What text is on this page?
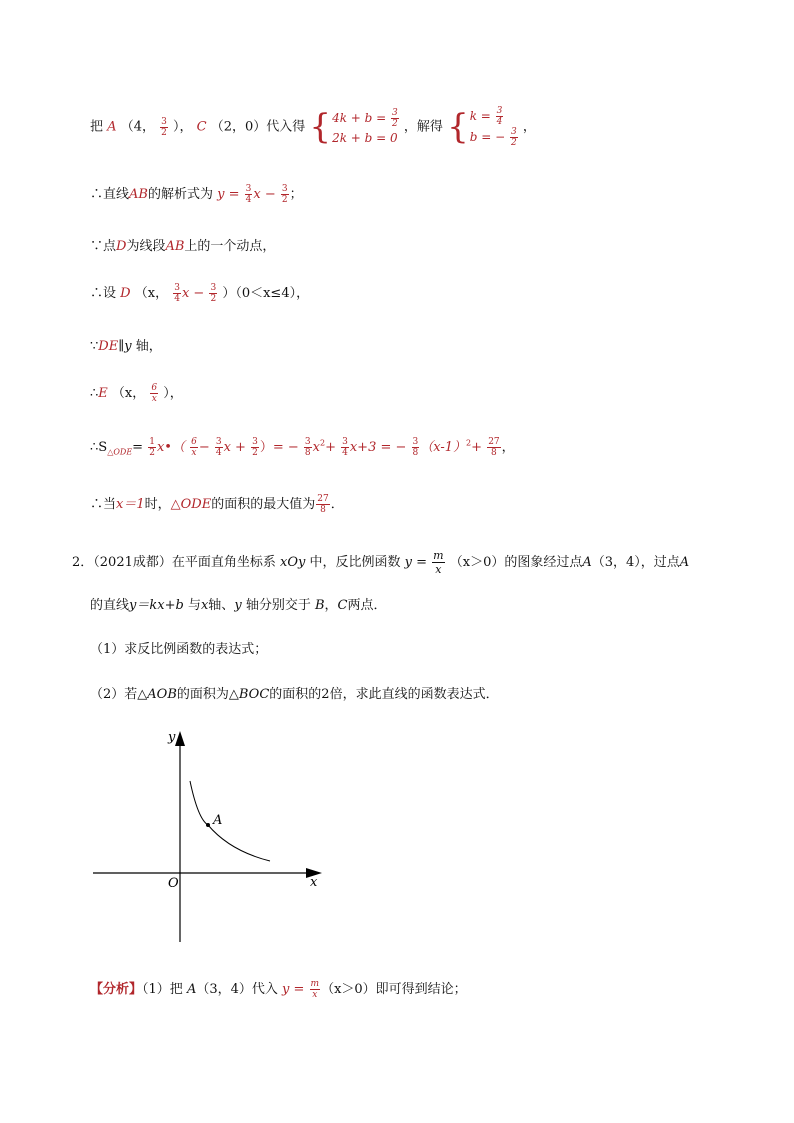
把 A （4， $\frac{3}{2}$ ）， C （2，0）代入得 { $4k + b = \frac{3}{2}$
2k + b = 0
，解得 { $k = \frac{3}{4}$
b = − $\frac{3}{2}$ ，
∴直线AB的解析式为 $y = \frac{3}{4}$ $x - \frac{3}{2}$ ；
∵点D为线段AB上的一个动点，
∴设 D （x， $\frac{3}{4}$ $x - \frac{3}{2} )(0<x\le 4)$，
∵DE∥y 轴，
∴E （x， $\frac{6}{x}$ ），
$\therefore S_{\triangle ODE}= \frac{1}{2}$ x•（ $\frac{6}{x} - \frac{3}{4}$ $x + \frac{3}{2}$ ）= − $\frac{3}{8} x^2+ \frac{3}{4} x+3$ = − $\frac{3}{8} (x-1)^2+ \frac{27}{8}$ ，
∴当x＝1时，△ODE的面积的最大值为 $\frac{27}{8}$ ．
2．（2021成都）在平面直角坐标系 xOy 中，反比例函数 $y = \frac{m}{x} (x>0)$的图象经过点A（3，4），过点A
的直线y＝kx+b 与x轴、y 轴分别交于 B，C两点．
（1）求反比例函数的表达式；
（2）若△AOB的面积为△BOC的面积的2倍，求此直线的函数表达式．
y
x
O
A
【分析】（1）把 A（3，4）代入 $y = \frac{m}{x} (x>0)$即可得到结论；
